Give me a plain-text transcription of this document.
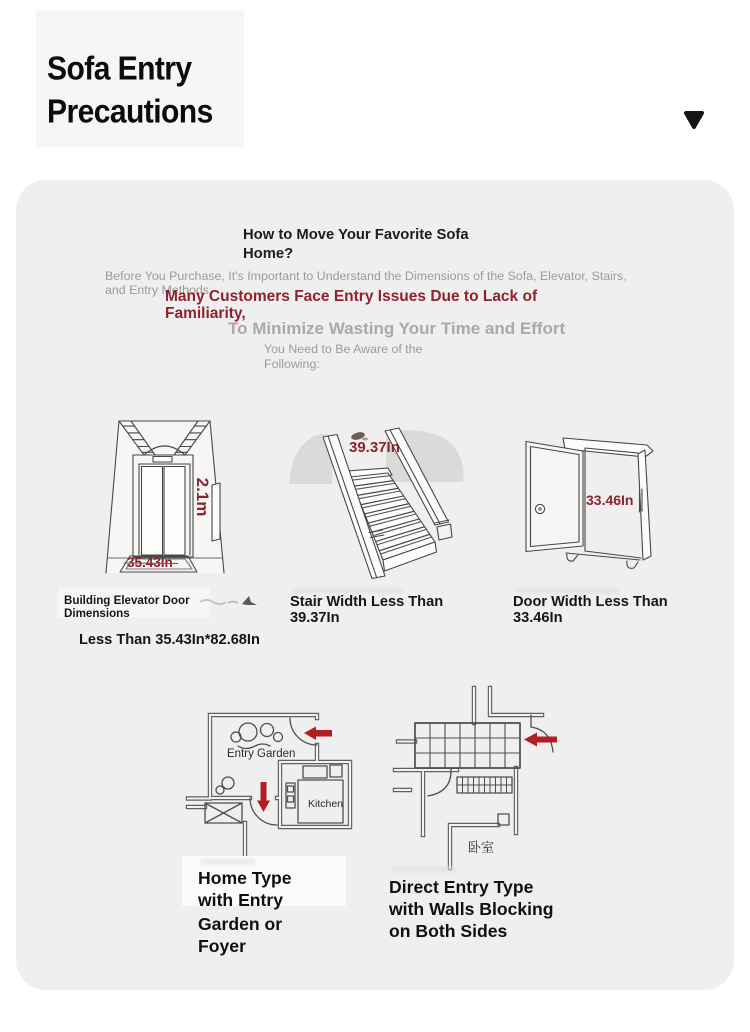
Sofa Entry
Precautions
How to Move Your Favorite Sofa
Home?
Before You Purchase, It's Important to Understand the Dimensions of the Sofa, Elevator, Stairs,
and Entry Methods.
Many Customers Face Entry Issues Due to Lack of
Familiarity,
To Minimize Wasting Your Time and Effort
You Need to Be Aware of the
Following:
2.1m
35.43In
39.37In
33.46In
Building Elevator Door
Dimensions
Less Than 35.43In*82.68In
Stair Width Less Than
39.37In
Door Width Less Than
33.46In
Entry Garden
Kitchen
卧室
Home Type
with Entry
Garden or
Foyer
Direct Entry Type
with Walls Blocking
on Both Sides
